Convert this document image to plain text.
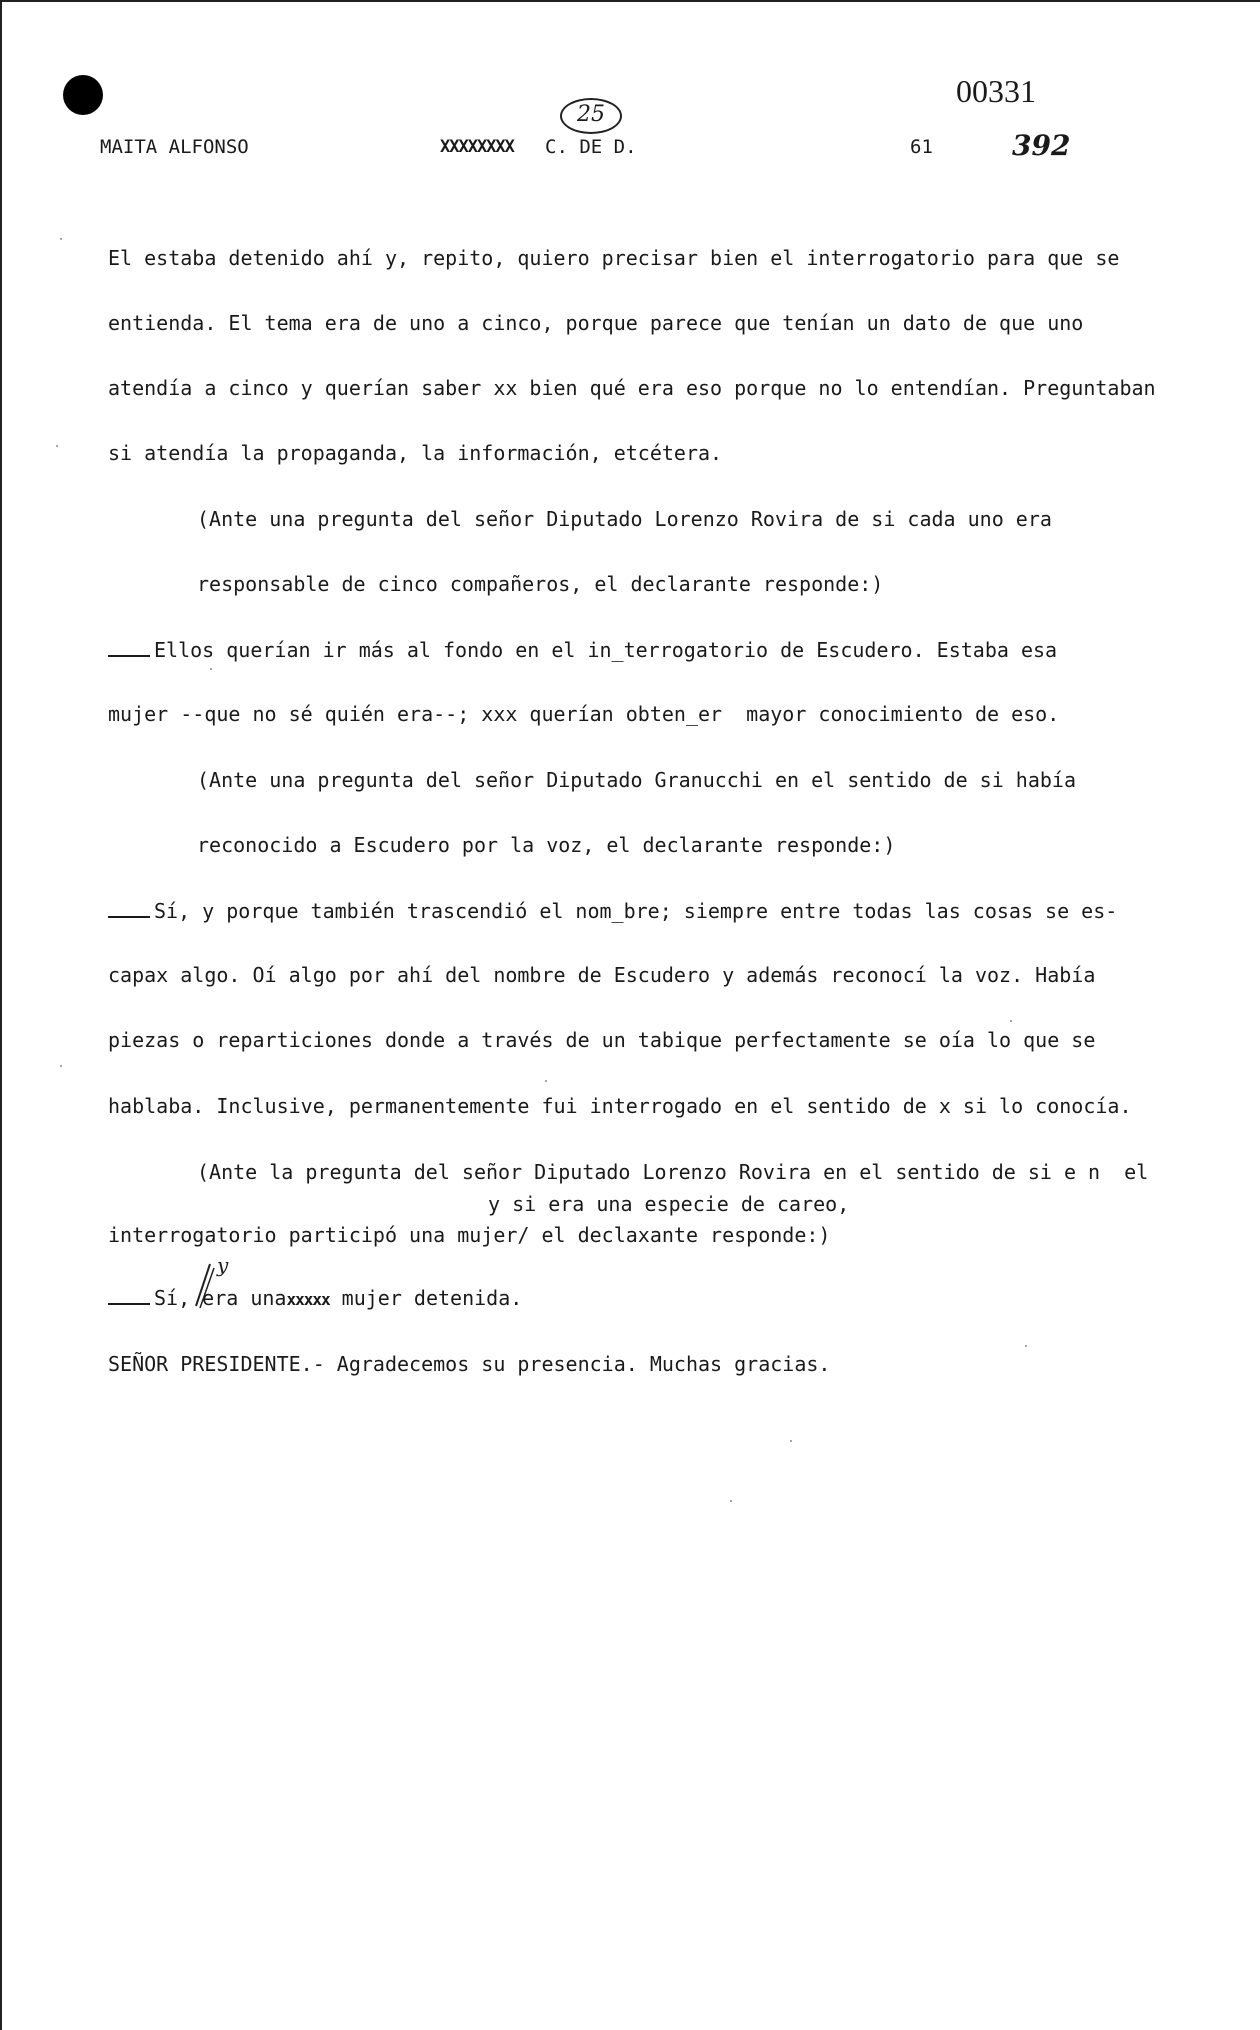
MAITA ALFONSO	XXXXXXXX C. DE D.	61
00331
25
392
El estaba detenido ahí y, repito, quiero precisar bien el interrogatorio para que se
entienda. El tema era de uno a cinco, porque parece que tenían un dato de que uno
atendía a cinco y querían saber xx bien qué era eso porque no lo entendían. Preguntaban
si atendía la propaganda, la información, etcétera.
(Ante una pregunta del señor Diputado Lorenzo Rovira de si cada uno era
responsable de cinco compañeros, el declarante responde:)
Ellos querían ir más al fondo en el in_terrogatorio de Escudero. Estaba esa
mujer --que no sé quién era--; xxx querían obten_er  mayor conocimiento de eso.
(Ante una pregunta del señor Diputado Granucchi en el sentido de si había
reconocido a Escudero por la voz, el declarante responde:)
Sí, y porque también trascendió el nom_bre; siempre entre todas las cosas se es-
capax algo. Oí algo por ahí del nombre de Escudero y además reconocí la voz. Había
piezas o reparticiones donde a través de un tabique perfectamente se oía lo que se
hablaba. Inclusive, permanentemente fui interrogado en el sentido de x si lo conocía.
(Ante la pregunta del señor Diputado Lorenzo Rovira en el sentido de si e n  el
y si era una especie de careo,
interrogatorio participó una mujer/ el declaxante responde:)
y
Sí, era unaxxxxx mujer detenida.
SEÑOR PRESIDENTE.- Agradecemos su presencia. Muchas gracias.
